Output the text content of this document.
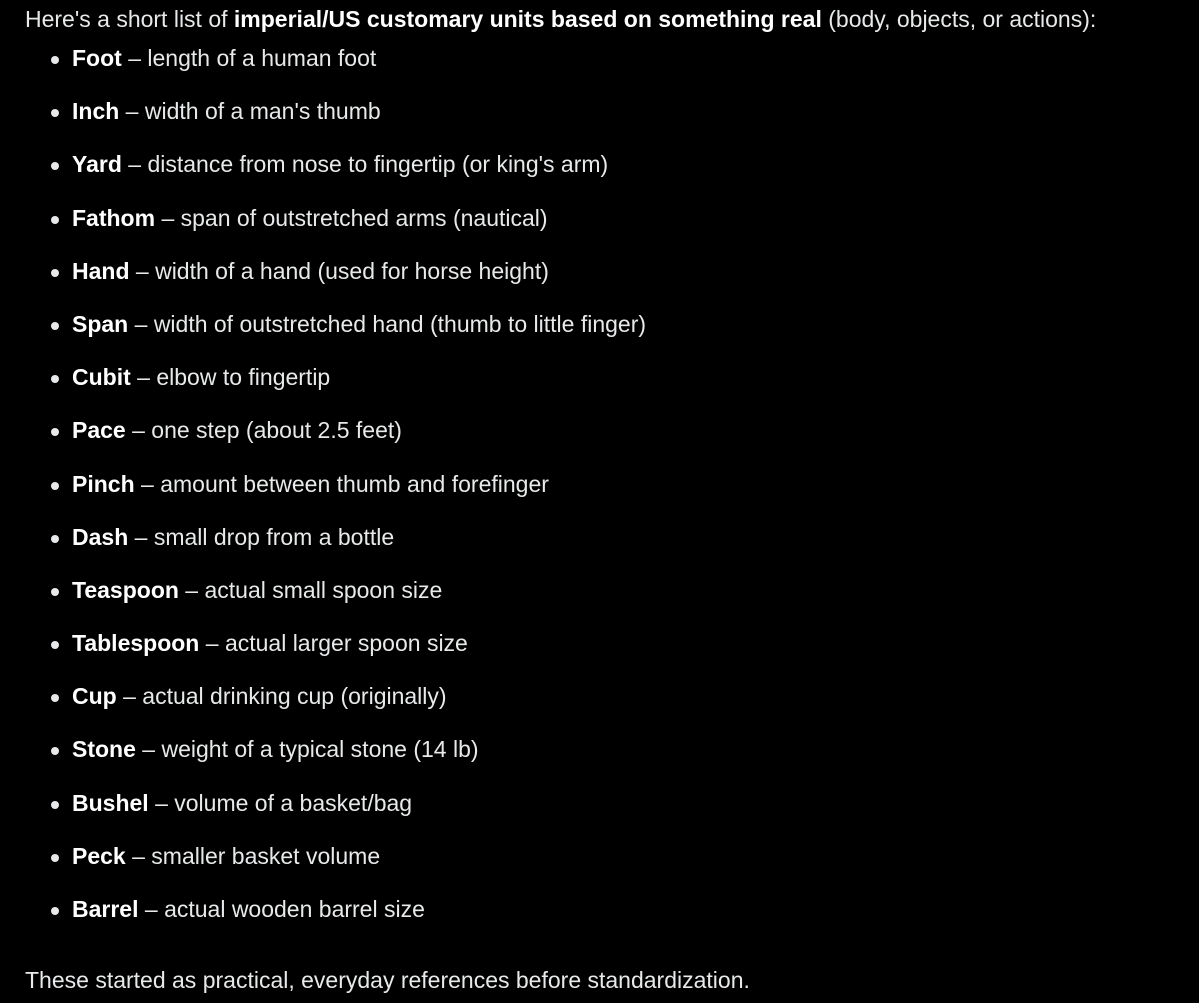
Here's a short list of imperial/US customary units based on something real (body, objects, or actions):

Foot – length of a human foot
Inch – width of a man's thumb
Yard – distance from nose to fingertip (or king's arm)
Fathom – span of outstretched arms (nautical)
Hand – width of a hand (used for horse height)
Span – width of outstretched hand (thumb to little finger)
Cubit – elbow to fingertip
Pace – one step (about 2.5 feet)
Pinch – amount between thumb and forefinger
Dash – small drop from a bottle
Teaspoon – actual small spoon size
Tablespoon – actual larger spoon size
Cup – actual drinking cup (originally)
Stone – weight of a typical stone (14 lb)
Bushel – volume of a basket/bag
Peck – smaller basket volume
Barrel – actual wooden barrel size

These started as practical, everyday references before standardization.
